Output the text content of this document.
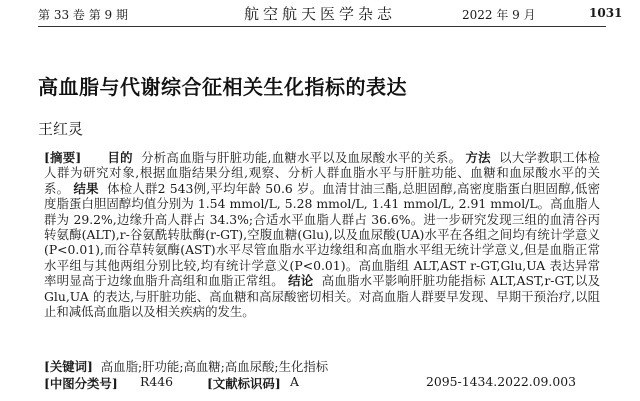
第 33 卷 第 9 期	航空航天医学杂志	2022 年 9 月	1031
高血脂与代谢综合征相关生化指标的表达
王红灵
[摘要] 目的 分析高血脂与肝脏功能,血糖水平以及血尿酸水平的关系。 方法 以大学教职工体检人群为研究对象,根据血脂结果分组,观察、分析人群血脂水平与肝脏功能、血糖和血尿酸水平的关系。 结果 体检人群2 543例,平均年龄 50.6 岁。血清甘油三酯,总胆固醇,高密度脂蛋白胆固醇,低密度脂蛋白胆固醇均值分别为 1.54 mmol/L, 5.28 mmol/L, 1.41 mmol/L, 2.91 mmol/L。高血脂人群为 29.2%,边缘升高人群占 34.3%;合适水平血脂人群占 36.6%。进一步研究发现三组的血清谷丙转氨酶(ALT),r-谷氨酰转肽酶(r-GT),空腹血糖(Glu),以及血尿酸(UA)水平在各组之间均有统计学意义(P<0.01),而谷草转氨酶(AST)水平尽管血脂水平边缘组和高血脂水平组无统计学意义,但是血脂正常水平组与其他两组分别比较,均有统计学意义(P<0.01)。高血脂组 ALT,AST r-GT,Glu,UA 表达异常率明显高于边缘血脂升高组和血脂正常组。 结论 高血脂水平影响肝脏功能指标 ALT,AST,r-GT,以及 Glu,UA 的表达,与肝脏功能、高血糖和高尿酸密切相关。对高血脂人群要早发现、早期干预治疗,以阻止和减低高血脂以及相关疾病的发生。
[关键词] 高血脂;肝功能;高血糖;高血尿酸;生化指标
[中图分类号] R446	[文献标识码] A	2095-1434.2022.09.003
